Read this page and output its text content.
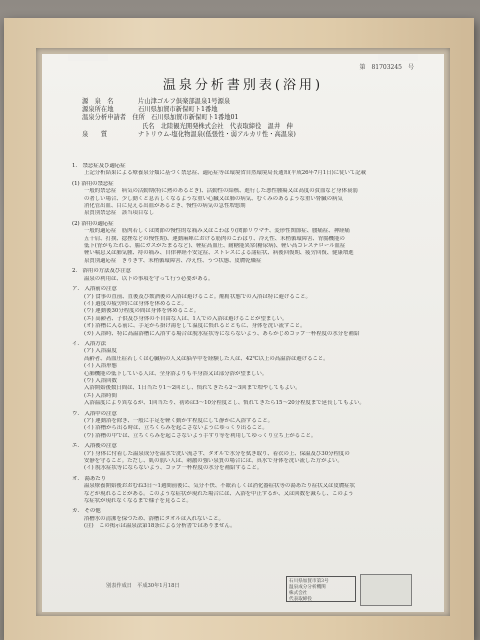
第　81703245　号
温泉分析書別表(浴用)
源　泉　名	片山津ゴルフ倶楽部温泉1号源泉
源泉所在地	石川県加賀市新保町ト1番地
温泉分析申請者　住所 石川県加賀市新保町ト1番地01
氏名 北陸観光開発株式会社　代表取締役　温井　伸
泉　　質	ナトリウム-塩化物温泉(低張性・弱アルカリ性・高温泉)

1.　禁忌症及び適応症

上記分析結果による療養泉分類に基づく禁忌症、適応症等は環境省自然環境局長通知(平成26年7月1日)に従いて記載

(1) 浴用の禁忌症

一般的禁忌症　病気の活動期(特に熱のあるとき)、活動性の結核、進行した悪性腫瘍又は高度の貧血など身体衰弱

の著しい場合、少し動くと息苦しくなるような重い心臓又は肺の病気、むくみのあるような重い腎臓の病気

消化管出血、目に見える出血があるとき、慢性の病気の急性増悪期

泉質別禁忌症　該当項目なし

(2) 浴用の適応症

一般的適応症　筋肉若しくは関節の慢性的な痛み又はこわばり(関節リウマチ、変形性関節症、腰痛症、神経痛

五十肩、打撲、捻挫などの慢性期)、運動麻痺における筋肉のこわばり、冷え性、末梢循環障害、胃腸機能の

低下(胃がもたれる、腸にガスがたまるなど)、軽症高血圧、耐糖能異常(糖尿病)、軽い高コレステロール血症

軽い喘息又は肺気腫、痔の痛み、自律神経不安定症、ストレスによる諸症状、病後回復期、疲労回復、健康増進

泉質別適応症　きりきず、末梢循環障害、冷え性、うつ状態、皮膚乾燥症

2.　浴用の方法及び注意

温泉の利用は、以下の事項を守って行う必要がある。

ア.　入浴前の注意

(ア) 食事の直前、直後及び飲酒後の入浴は避けること。酩酊状態での入浴は特に避けること。

(イ) 過度の疲労時には身体を休めること。

(ウ) 運動後30分程度の間は身体を休めること。

(エ) 高齢者、子供及び身体の不自由な人は、1人での入浴は避けることが望ましい。

(オ) 浴槽に入る前に、手足から掛け湯をして温度に慣れるとともに、身体を洗い流すこと。

(カ) 入浴時、特に高温浴槽に入浴する場合は脱水症状等にならないよう、あらかじめコップ一杯程度の水分を補給

イ.　入浴方法

(ア) 入浴温度

高齢者、高血圧症若しくは心臓病の人又は脳卒中を経験した人は、42℃以上の高温浴は避けること。

(イ) 入浴形態

心肺機能の低下している人は、全身浴よりも半身浴又は部分浴が望ましい。

(ウ) 入浴回数

入浴開始後数日間は、1日当たり1～2回とし、慣れてきたら2～3回まで増やしてもよい。

(エ) 入浴時間

入浴温度により異なるが、1回当たり、初めは3～10分程度とし、慣れてきたら15～20分程度まで延長してもよい。

ウ.　入浴中の注意

(ア) 運動浴を除き、一般に手足を軽く動かす程度にして静かに入浴すること。

(イ) 浴槽から出る時は、立ちくらみを起こさないようにゆっくり出ること。

(ウ) 浴槽の中では、立ちくらみを起こさないよう手すり等を利用してゆっくり立ち上がること。

エ.　入浴後の注意

(ア) 身体に付着した温泉成分を温水で洗い流さず、タオルで水分を拭き取り、着衣の上、保温及び30分程度の

安静を守ること。ただし、肌の弱い人は、刺激の強い泉質の場合には、真水で身体を洗い流した方がよい。

(イ) 脱水症状等にならないよう、コップ一杯程度の水分を補給すること。

オ.　湯あたり

温泉療養開始後おおむね3日～1週間前後に、気分不快、不眠若しくは消化器症状等の湯あたり症状又は皮膚症状

などが現れることがある。このような症状が現れた場合には、入浴を中止するか、又は回数を減らし、このよう

な症状が現れなくなるまで様子を見ること。

カ.　その他

浴槽水の清潔を保つため、浴槽にタオルは入れないこと。

(注)　この掲示は温泉法第18条による分析書ではありません。

別表作成日　平成30年1月18日
石川県加賀市第3号
温泉成分分析機関
株式会社
代表取締役
